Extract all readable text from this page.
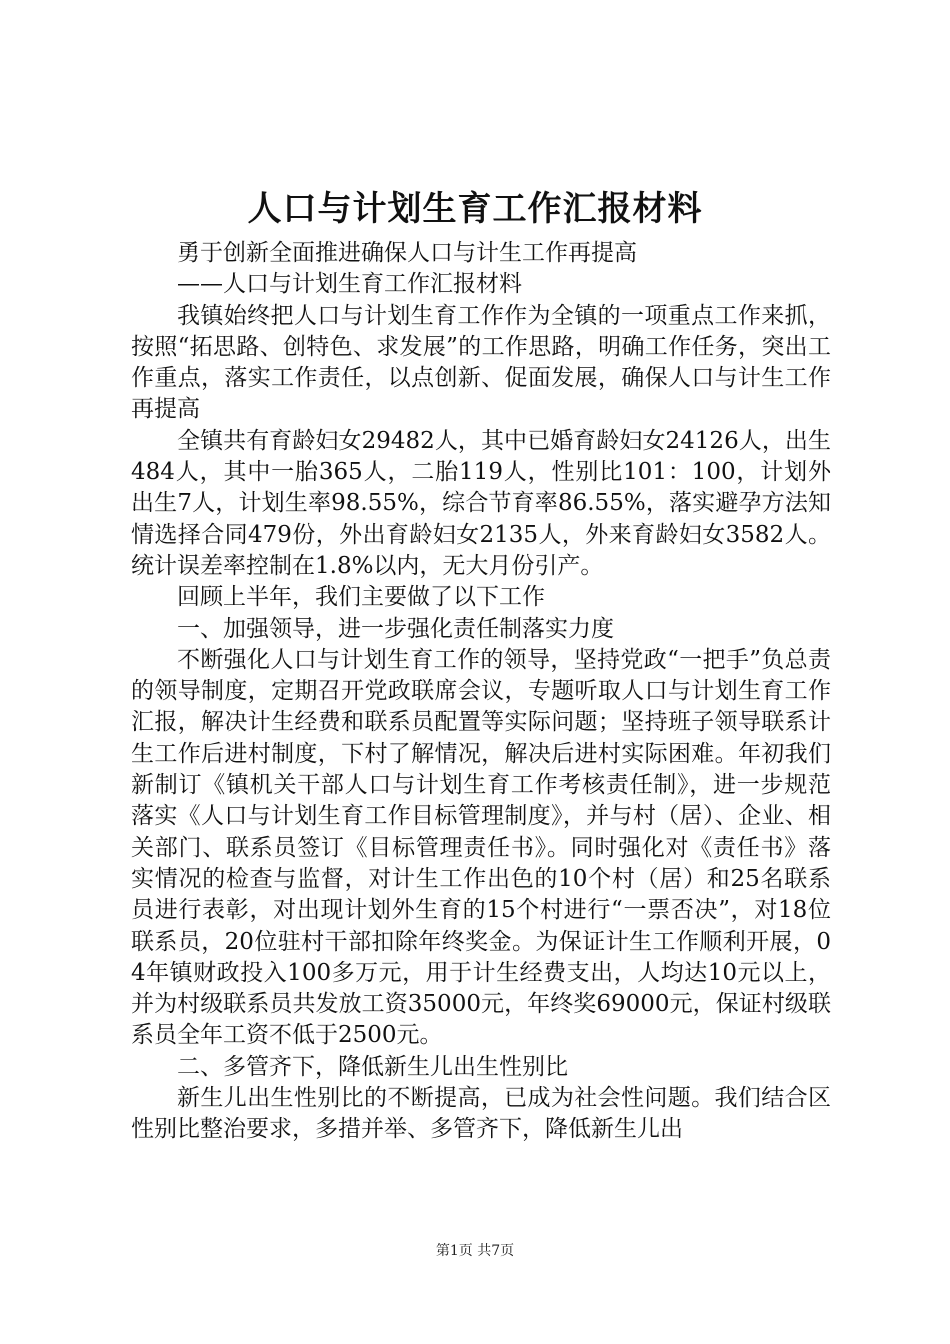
人口与计划生育工作汇报材料

勇于创新全面推进确保人口与计生工作再提高

——人口与计划生育工作汇报材料

我镇始终把人口与计划生育工作作为全镇的一项重点工作来抓，按照“拓思路、创特色、求发展”的工作思路，明确工作任务，突出工作重点，落实工作责任，以点创新、促面发展，确保人口与计生工作再提高

全镇共有育龄妇女29482人，其中已婚育龄妇女24126人，出生484人，其中一胎365人，二胎119人，性别比101：100，计划外出生7人，计划生率98.55%，综合节育率86.55%，落实避孕方法知情选择合同479份，外出育龄妇女2135人，外来育龄妇女3582人。统计误差率控制在1.8%以内，无大月份引产。

回顾上半年，我们主要做了以下工作

一、加强领导，进一步强化责任制落实力度

不断强化人口与计划生育工作的领导，坚持党政“一把手”负总责的领导制度，定期召开党政联席会议，专题听取人口与计划生育工作汇报，解决计生经费和联系员配置等实际问题；坚持班子领导联系计生工作后进村制度，下村了解情况，解决后进村实际困难。年初我们新制订《镇机关干部人口与计划生育工作考核责任制》，进一步规范落实《人口与计划生育工作目标管理制度》，并与村（居）、企业、相关部门、联系员签订《目标管理责任书》。同时强化对《责任书》落实情况的检查与监督，对计生工作出色的10个村（居）和25名联系员进行表彰，对出现计划外生育的15个村进行“一票否决”，对18位联系员，20位驻村干部扣除年终奖金。为保证计生工作顺利开展，04年镇财政投入100多万元，用于计生经费支出，人均达10元以上，并为村级联系员共发放工资35000元，年终奖69000元，保证村级联系员全年工资不低于2500元。

二、多管齐下，降低新生儿出生性别比

新生儿出生性别比的不断提高，已成为社会性问题。我们结合区性别比整治要求，多措并举、多管齐下，降低新生儿出

第1页 共7页
